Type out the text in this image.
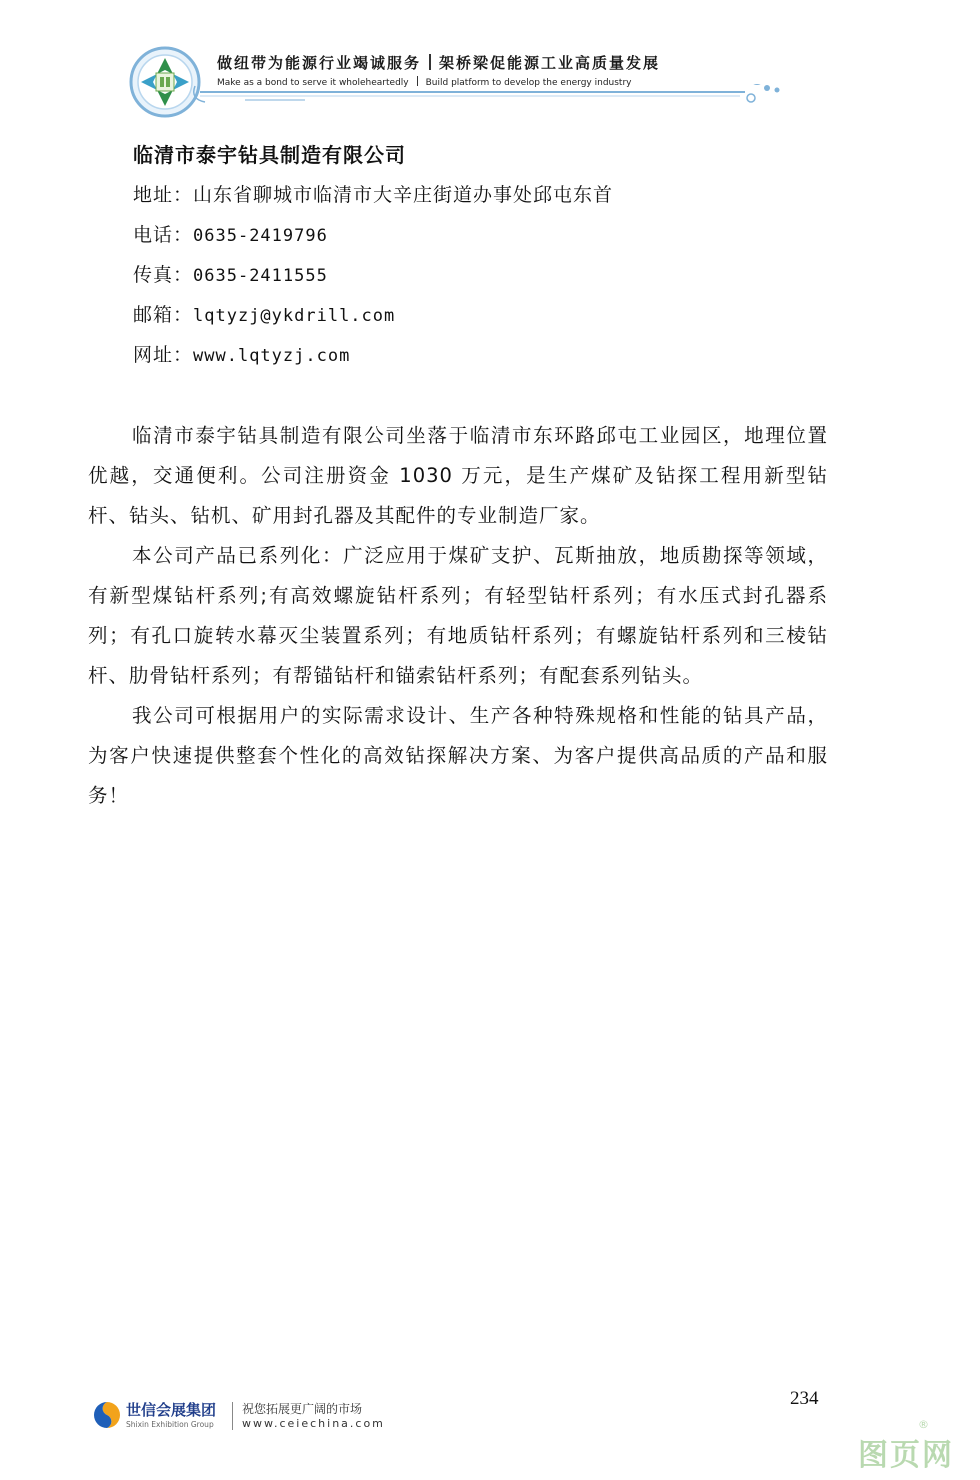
做纽带为能源行业竭诚服务 架桥梁促能源工业高质量发展
Make as a bond to serve it wholeheartedly Build platform to develop the energy industry
临清市泰宇钻具制造有限公司
地址：山东省聊城市临清市大辛庄街道办事处邱屯东首
电话：0635-2419796
传真：0635-2411555
邮箱：lqtyzj@ykdrill.com
网址：www.lqtyzj.com

临清市泰宇钻具制造有限公司坐落于临清市东环路邱屯工业园区，地理位置优越，交通便利。公司注册资金 1030 万元，是生产煤矿及钻探工程用新型钻杆、钻头、钻机、矿用封孔器及其配件的专业制造厂家。

本公司产品已系列化：广泛应用于煤矿支护、瓦斯抽放，地质勘探等领域，有新型煤钻杆系列;有高效螺旋钻杆系列；有轻型钻杆系列；有水压式封孔器系列；有孔口旋转水幕灭尘装置系列；有地质钻杆系列；有螺旋钻杆系列和三棱钻杆、肋骨钻杆系列；有帮锚钻杆和锚索钻杆系列；有配套系列钻头。

我公司可根据用户的实际需求设计、生产各种特殊规格和性能的钻具产品，为客户快速提供整套个性化的高效钻探解决方案、为客户提供高品质的产品和服务！

世信会展集团
Shixin Exhibition Group
祝您拓展更广阔的市场
www.ceiechina.com
234
图页网
®
